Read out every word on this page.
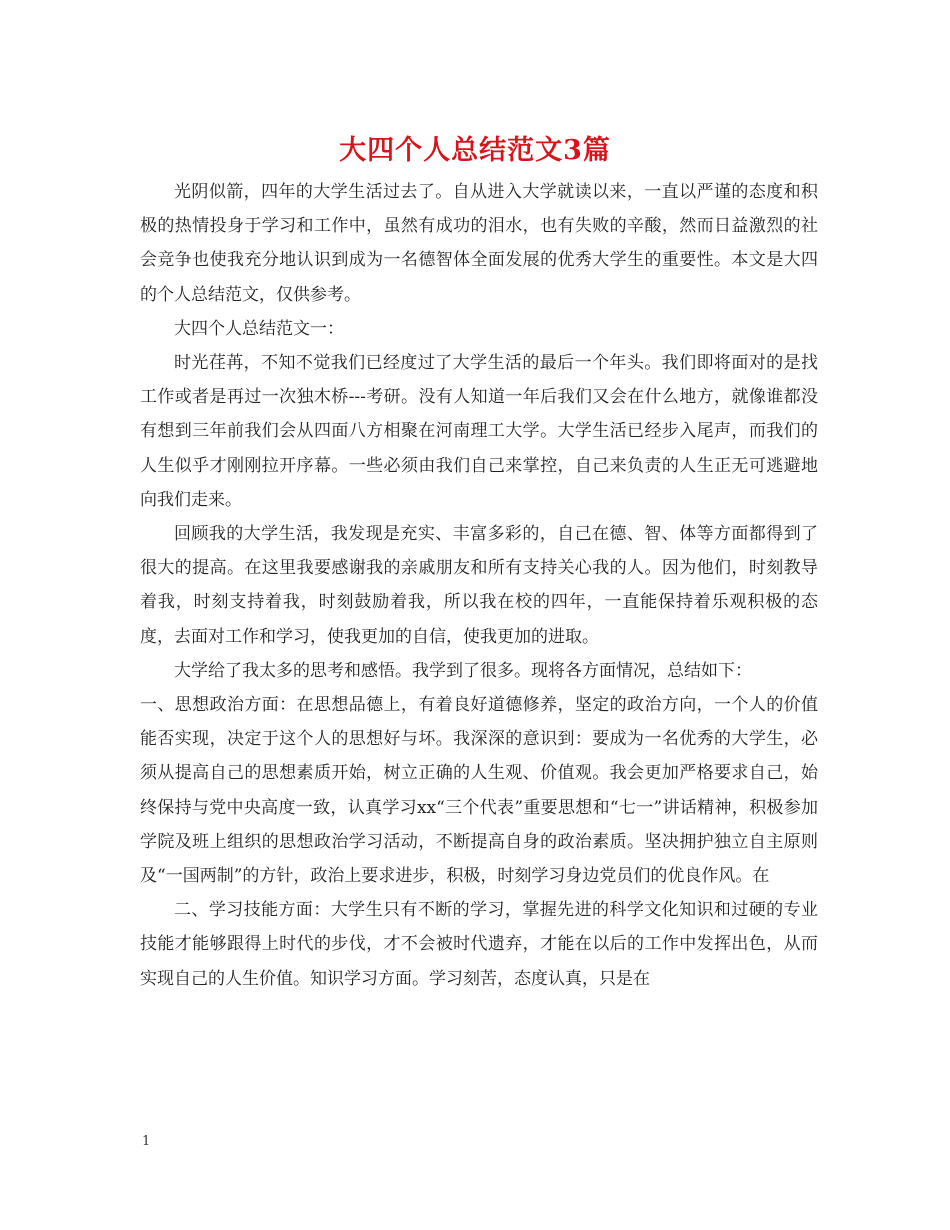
大四个人总结范文3篇

光阴似箭，四年的大学生活过去了。自从进入大学就读以来，一直以严谨的态度和积极的热情投身于学习和工作中，虽然有成功的泪水，也有失败的辛酸，然而日益激烈的社会竞争也使我充分地认识到成为一名德智体全面发展的优秀大学生的重要性。本文是大四的个人总结范文，仅供参考。

大四个人总结范文一：

时光荏苒，不知不觉我们已经度过了大学生活的最后一个年头。我们即将面对的是找工作或者是再过一次独木桥---考研。没有人知道一年后我们又会在什么地方，就像谁都没有想到三年前我们会从四面八方相聚在河南理工大学。大学生活已经步入尾声，而我们的人生似乎才刚刚拉开序幕。一些必须由我们自己来掌控，自己来负责的人生正无可逃避地向我们走来。

回顾我的大学生活，我发现是充实、丰富多彩的，自己在德、智、体等方面都得到了很大的提高。在这里我要感谢我的亲戚朋友和所有支持关心我的人。因为他们，时刻教导着我，时刻支持着我，时刻鼓励着我，所以我在校的四年，一直能保持着乐观积极的态度，去面对工作和学习，使我更加的自信，使我更加的进取。

大学给了我太多的思考和感悟。我学到了很多。现将各方面情况，总结如下：

一、思想政治方面：在思想品德上，有着良好道德修养，坚定的政治方向，一个人的价值能否实现，决定于这个人的思想好与坏。我深深的意识到：要成为一名优秀的大学生，必须从提高自己的思想素质开始，树立正确的人生观、价值观。我会更加严格要求自己，始终保持与党中央高度一致，认真学习xx“三个代表”重要思想和“七一”讲话精神，积极参加学院及班上组织的思想政治学习活动，不断提高自身的政治素质。坚决拥护独立自主原则及“一国两制”的方针，政治上要求进步，积极，时刻学习身边党员们的优良作风。在

二、学习技能方面：大学生只有不断的学习，掌握先进的科学文化知识和过硬的专业技能才能够跟得上时代的步伐，才不会被时代遗弃，才能在以后的工作中发挥出色，从而实现自己的人生价值。知识学习方面。学习刻苦，态度认真，只是在

1
